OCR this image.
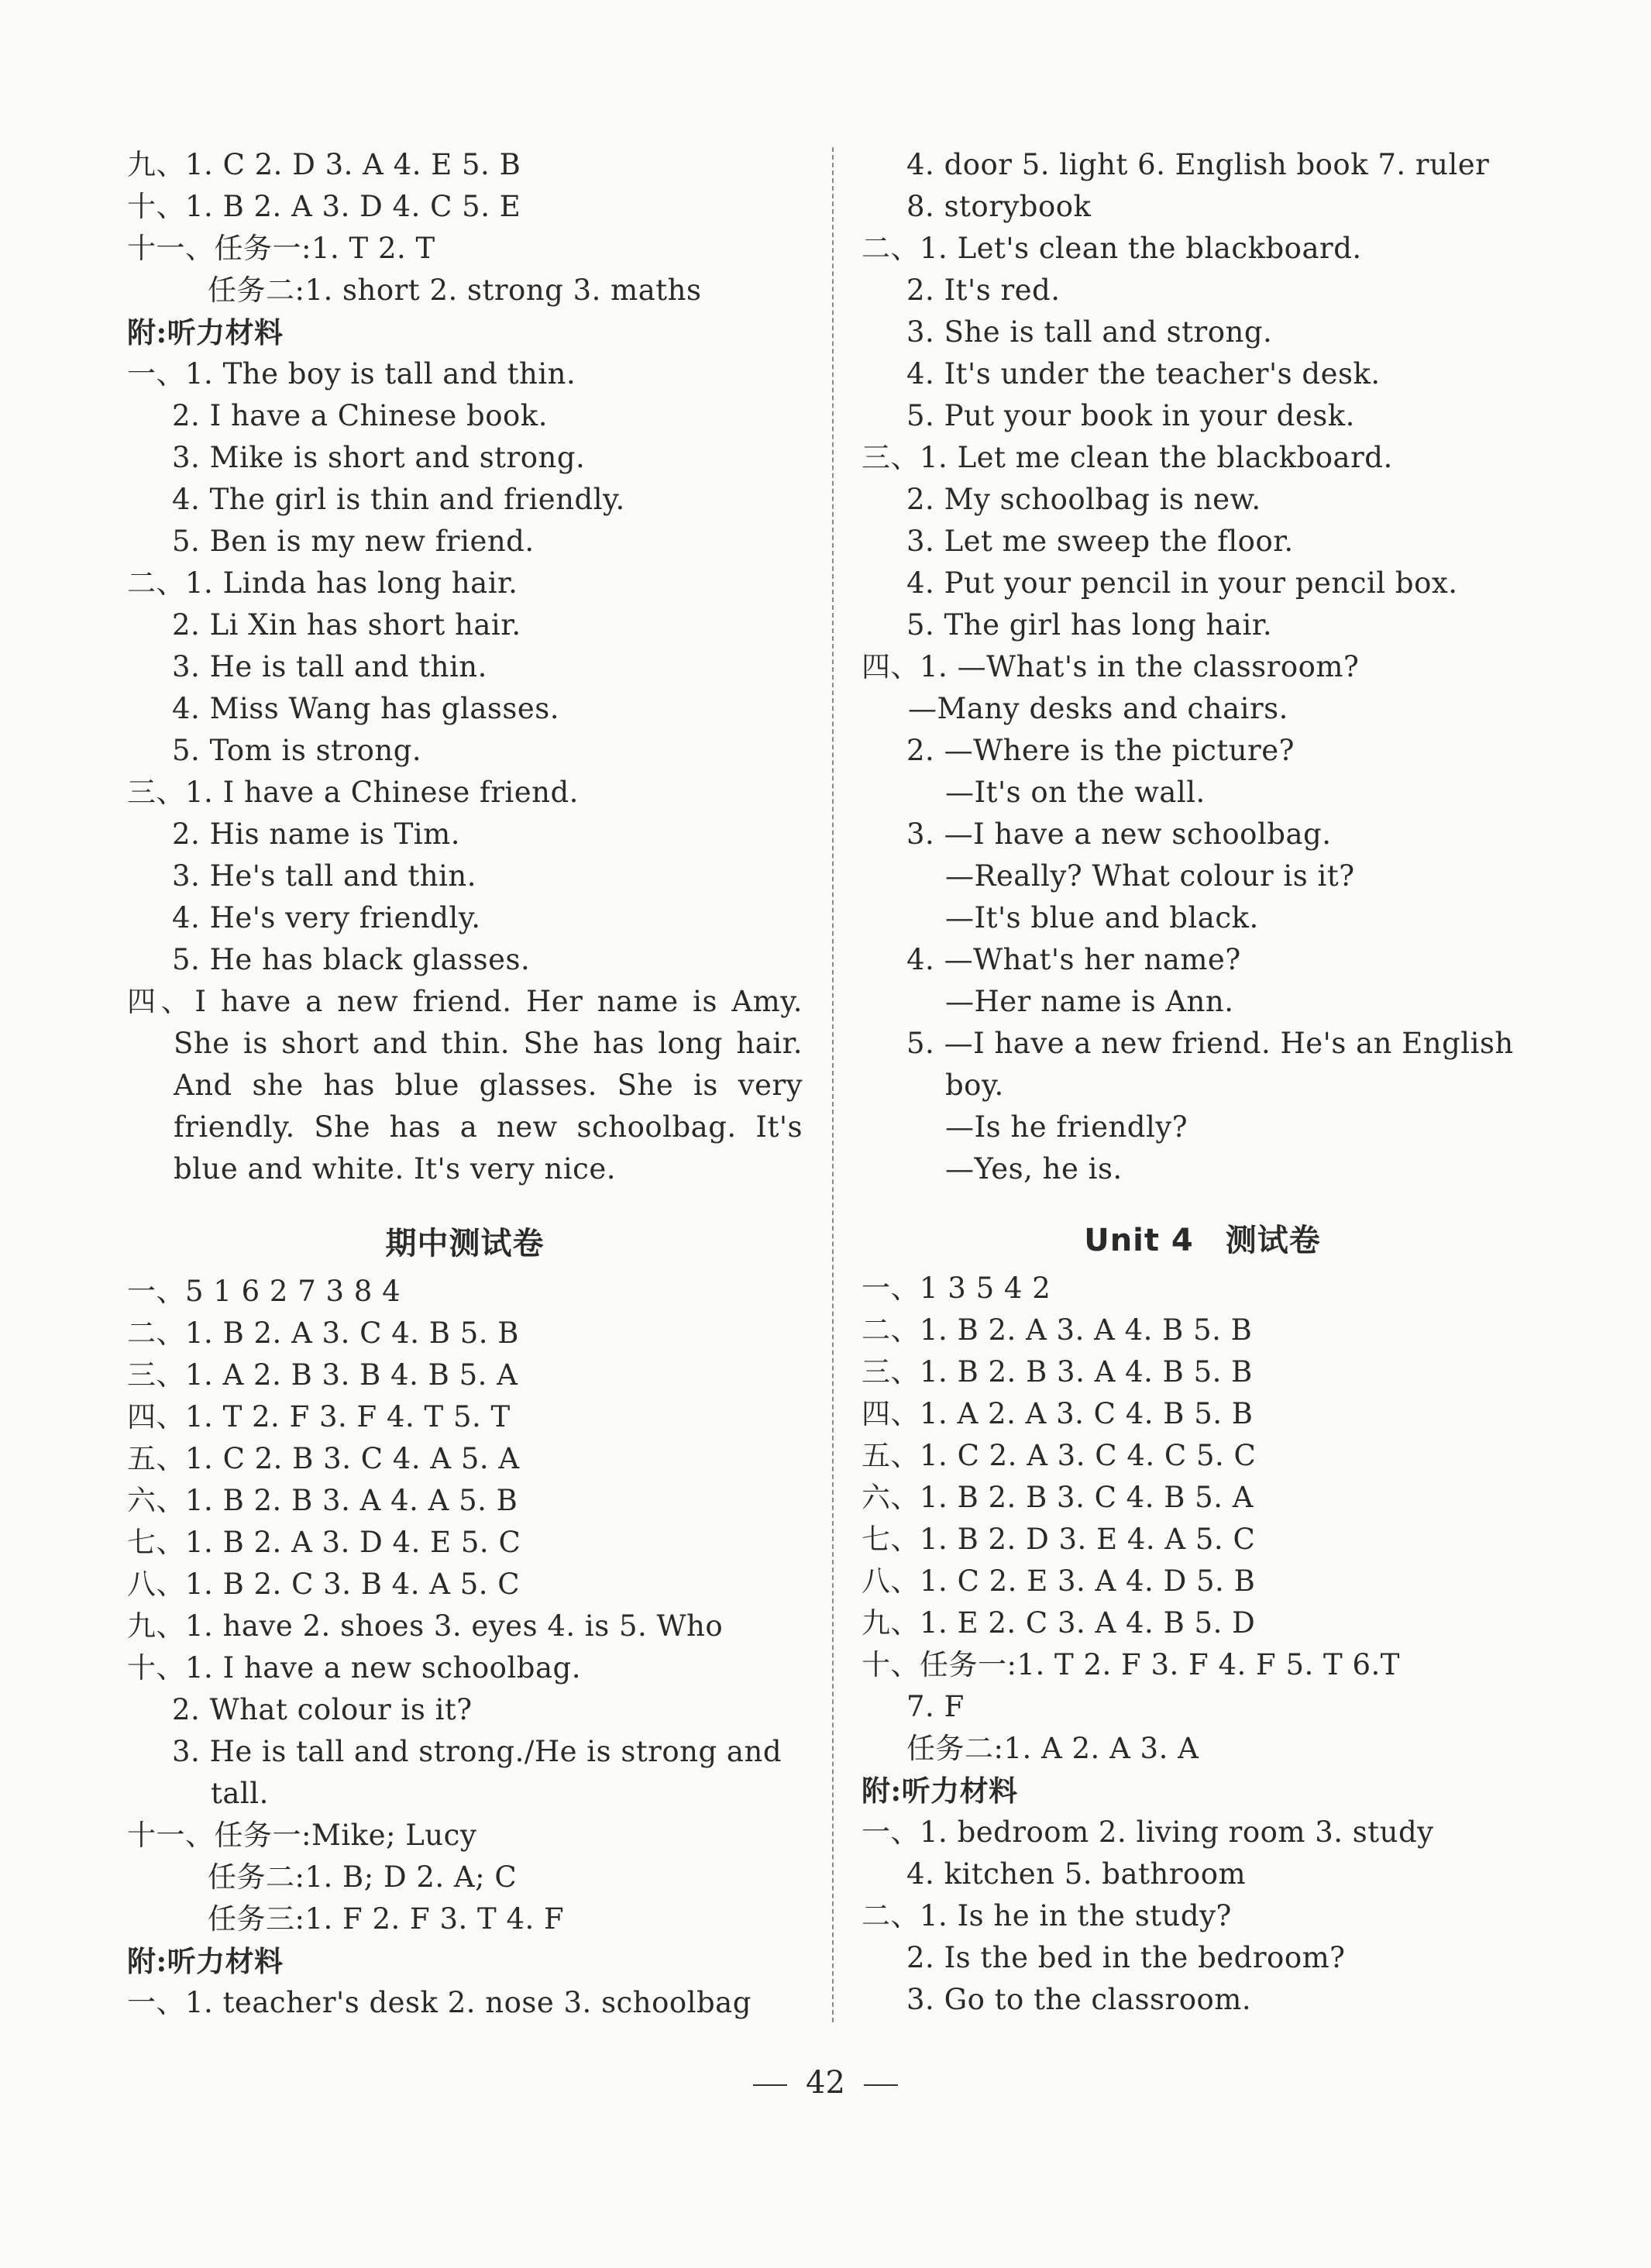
九、1. C 2. D 3. A 4. E 5. B
十、1. B 2. A 3. D 4. C 5. E
十一、任务一:1. T 2. T
任务二:1. short 2. strong 3. maths
附:听力材料
一、1. The boy is tall and thin.
2. I have a Chinese book.
3. Mike is short and strong.
4. The girl is thin and friendly.
5. Ben is my new friend.
二、1. Linda has long hair.
2. Li Xin has short hair.
3. He is tall and thin.
4. Miss Wang has glasses.
5. Tom is strong.
三、1. I have a Chinese friend.
2. His name is Tim.
3. He's tall and thin.
4. He's very friendly.
5. He has black glasses.
四、I have a new friend. Her name is Amy. She is short and thin. She has long hair. And she has blue glasses. She is very friendly. She has a new schoolbag. It's blue and white. It's very nice.
期中测试卷
一、5 1 6 2 7 3 8 4
二、1. B 2. A 3. C 4. B 5. B
三、1. A 2. B 3. B 4. B 5. A
四、1. T 2. F 3. F 4. T 5. T
五、1. C 2. B 3. C 4. A 5. A
六、1. B 2. B 3. A 4. A 5. B
七、1. B 2. A 3. D 4. E 5. C
八、1. B 2. C 3. B 4. A 5. C
九、1. have 2. shoes 3. eyes 4. is 5. Who
十、1. I have a new schoolbag.
2. What colour is it?
3. He is tall and strong./He is strong and
tall.
十一、任务一:Mike; Lucy
任务二:1. B; D 2. A; C
任务三:1. F 2. F 3. T 4. F
附:听力材料
一、1. teacher's desk 2. nose 3. schoolbag
4. door 5. light 6. English book 7. ruler
8. storybook
二、1. Let's clean the blackboard.
2. It's red.
3. She is tall and strong.
4. It's under the teacher's desk.
5. Put your book in your desk.
三、1. Let me clean the blackboard.
2. My schoolbag is new.
3. Let me sweep the floor.
4. Put your pencil in your pencil box.
5. The girl has long hair.
四、1. —What's in the classroom?
—Many desks and chairs.
2. —Where is the picture?
—It's on the wall.
3. —I have a new schoolbag.
—Really? What colour is it?
—It's blue and black.
4. —What's her name?
—Her name is Ann.
5. —I have a new friend. He's an English
boy.
—Is he friendly?
—Yes, he is.
Unit 4　测试卷
一、1 3 5 4 2
二、1. B 2. A 3. A 4. B 5. B
三、1. B 2. B 3. A 4. B 5. B
四、1. A 2. A 3. C 4. B 5. B
五、1. C 2. A 3. C 4. C 5. C
六、1. B 2. B 3. C 4. B 5. A
七、1. B 2. D 3. E 4. A 5. C
八、1. C 2. E 3. A 4. D 5. B
九、1. E 2. C 3. A 4. B 5. D
十、任务一:1. T 2. F 3. F 4. F 5. T 6.T
7. F
任务二:1. A 2. A 3. A
附:听力材料
一、1. bedroom 2. living room 3. study
4. kitchen 5. bathroom
二、1. Is he in the study?
2. Is the bed in the bedroom?
3. Go to the classroom.
42
